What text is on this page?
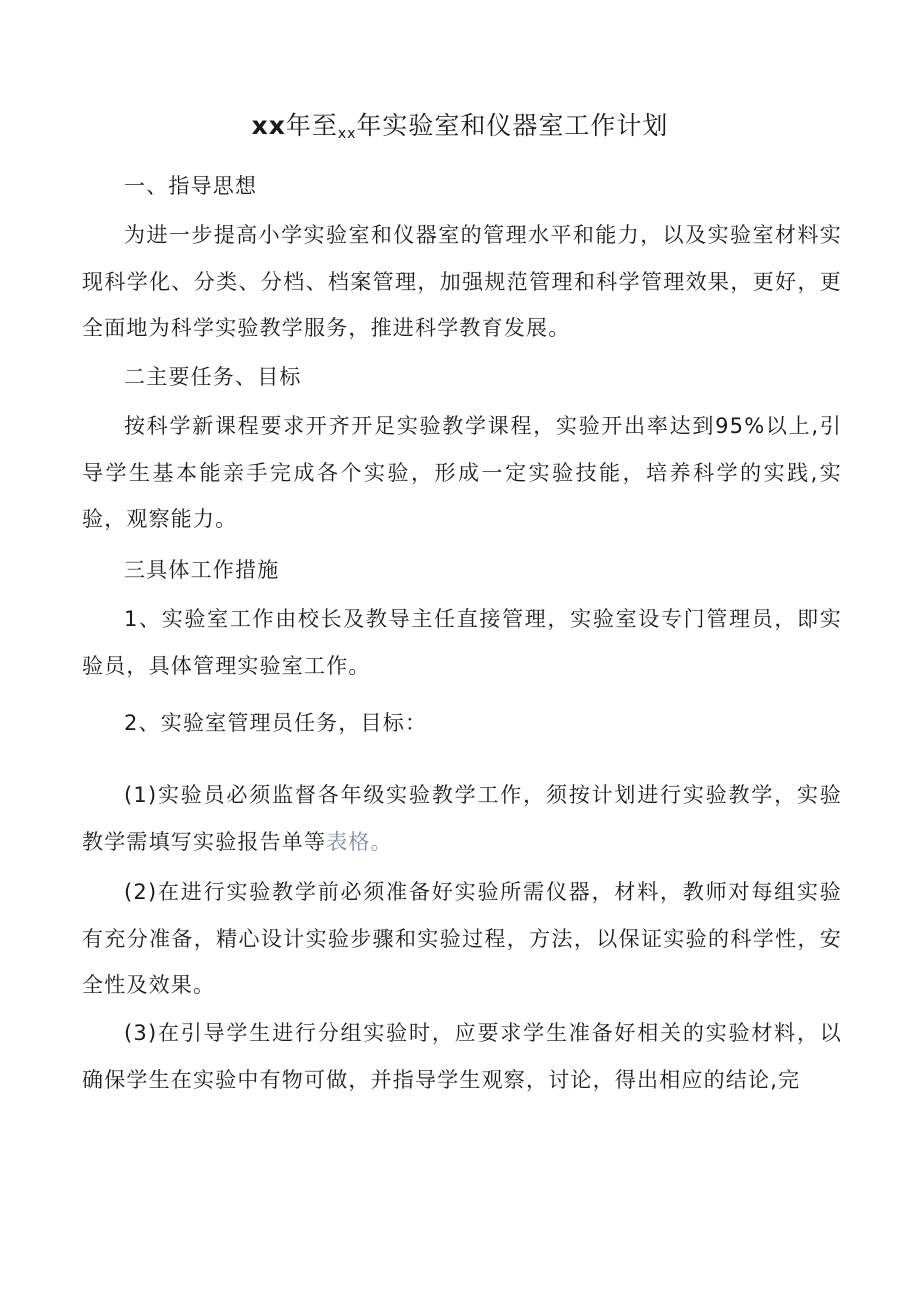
xx年至xx年实验室和仪器室工作计划

一、指导思想

为进一步提高小学实验室和仪器室的管理水平和能力，以及实验室材料实现科学化、分类、分档、档案管理，加强规范管理和科学管理效果，更好，更全面地为科学实验教学服务，推进科学教育发展。

二主要任务、目标

按科学新课程要求开齐开足实验教学课程，实验开出率达到95%以上,引导学生基本能亲手完成各个实验，形成一定实验技能，培养科学的实践,实验，观察能力。

三具体工作措施

1、实验室工作由校长及教导主任直接管理，实验室设专门管理员，即实验员，具体管理实验室工作。

2、实验室管理员任务，目标：

(1)实验员必须监督各年级实验教学工作，须按计划进行实验教学，实验教学需填写实验报告单等表格。

(2)在进行实验教学前必须准备好实验所需仪器，材料，教师对每组实验有充分准备，精心设计实验步骤和实验过程，方法，以保证实验的科学性，安全性及效果。

(3)在引导学生进行分组实验时，应要求学生准备好相关的实验材料，以确保学生在实验中有物可做，并指导学生观察，讨论，得出相应的结论,完
